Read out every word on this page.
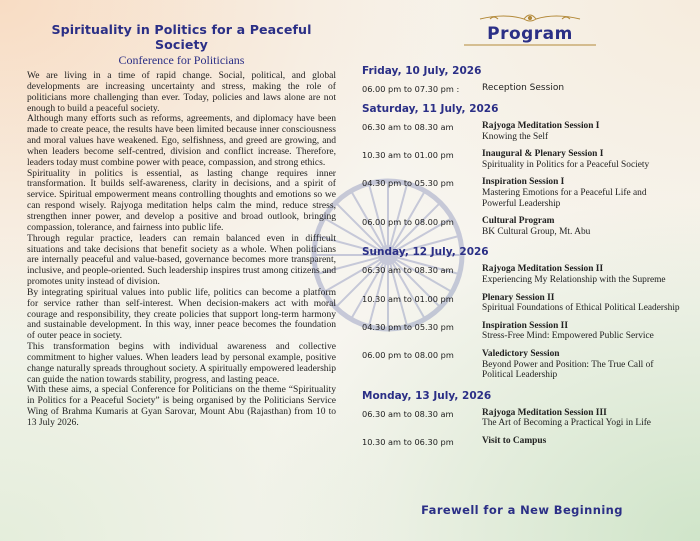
Spirituality in Politics for a Peaceful Society
Conference for Politicians

We are living in a time of rapid change. Social, political, and global developments are increasing uncertainty and stress, making the role of politicians more challenging than ever. Today, policies and laws alone are not enough to build a peaceful society.

Although many efforts such as reforms, agreements, and diplomacy have been made to create peace, the results have been limited because inner consciousness and moral values have weakened. Ego, selfishness, and greed are growing, and when leaders become self-centred, division and conflict increase. Therefore, leaders today must combine power with peace, compassion, and strong ethics.

Spirituality in politics is essential, as lasting change requires inner transformation. It builds self-awareness, clarity in decisions, and a spirit of service. Spiritual empowerment means controlling thoughts and emotions so we can respond wisely. Rajyoga meditation helps calm the mind, reduce stress, strengthen inner power, and develop a positive and broad outlook, bringing compassion, tolerance, and fairness into public life.

Through regular practice, leaders can remain balanced even in difficult situations and take decisions that benefit society as a whole. When politicians are internally peaceful and value-based, governance becomes more transparent, inclusive, and people-oriented. Such leadership inspires trust among citizens and promotes unity instead of division.

By integrating spiritual values into public life, politics can become a platform for service rather than self-interest. When decision-makers act with moral courage and responsibility, they create policies that support long-term harmony and sustainable development. In this way, inner peace becomes the foundation of outer peace in society.

This transformation begins with individual awareness and collective commitment to higher values. When leaders lead by personal example, positive change naturally spreads throughout society. A spiritually empowered leadership can guide the nation towards stability, progress, and lasting peace.

With these aims, a special Conference for Politicians on the theme “Spirituality in Politics for a Peaceful Society” is being organised by the Politicians Service Wing of Brahma Kumaris at Gyan Sarovar, Mount Abu (Rajasthan) from 10 to 13 July 2026.

Program
Friday, 10 July, 2026
06.00 pm to 07.30 pm :	Reception Session
Saturday, 11 July, 2026
06.30 am to 08.30 am	Rajyoga Meditation Session I
Knowing the Self
10.30 am to 01.00 pm	Inaugural & Plenary Session I
Spirituality in Politics for a Peaceful Society
04.30 pm to 05.30 pm	Inspiration Session I
Mastering Emotions for a Peaceful Life and Powerful Leadership
06.00 pm to 08.00 pm	Cultural Program
BK Cultural Group, Mt. Abu
Sunday, 12 July, 2026
06.30 am to 08.30 am	Rajyoga Meditation Session II
Experiencing My Relationship with the Supreme
10.30 am to 01.00 pm	Plenary Session II
Spiritual Foundations of Ethical Political Leadership
04.30 pm to 05.30 pm	Inspiration Session II
Stress-Free Mind: Empowered Public Service
06.00 pm to 08.00 pm	Valedictory Session
Beyond Power and Position: The True Call of Political Leadership
Monday, 13 July, 2026
06.30 am to 08.30 am	Rajyoga Meditation Session III
The Art of Becoming a Practical Yogi in Life
10.30 am to 06.30 pm	Visit to Campus
Farewell for a New Beginning
